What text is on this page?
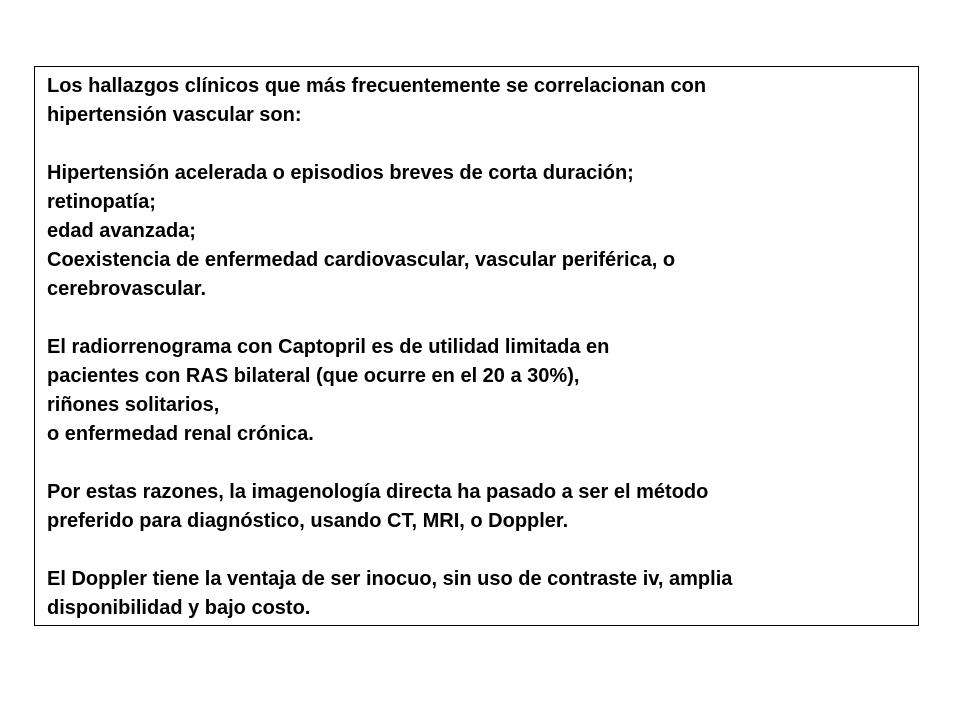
Los hallazgos clínicos que más frecuentemente se correlacionan con
hipertensión vascular son:
Hipertensión acelerada o episodios breves de corta duración;
retinopatía;
edad avanzada;
Coexistencia de enfermedad cardiovascular, vascular periférica, o
cerebrovascular.
El radiorrenograma con Captopril es de utilidad limitada en
pacientes con RAS bilateral (que ocurre en el 20 a 30%),
riñones solitarios,
o enfermedad renal crónica.
Por estas razones, la imagenología directa ha pasado a ser el método
preferido para diagnóstico, usando CT, MRI, o Doppler.
El Doppler tiene la ventaja de ser inocuo, sin uso de contraste iv, amplia
disponibilidad y bajo costo.
